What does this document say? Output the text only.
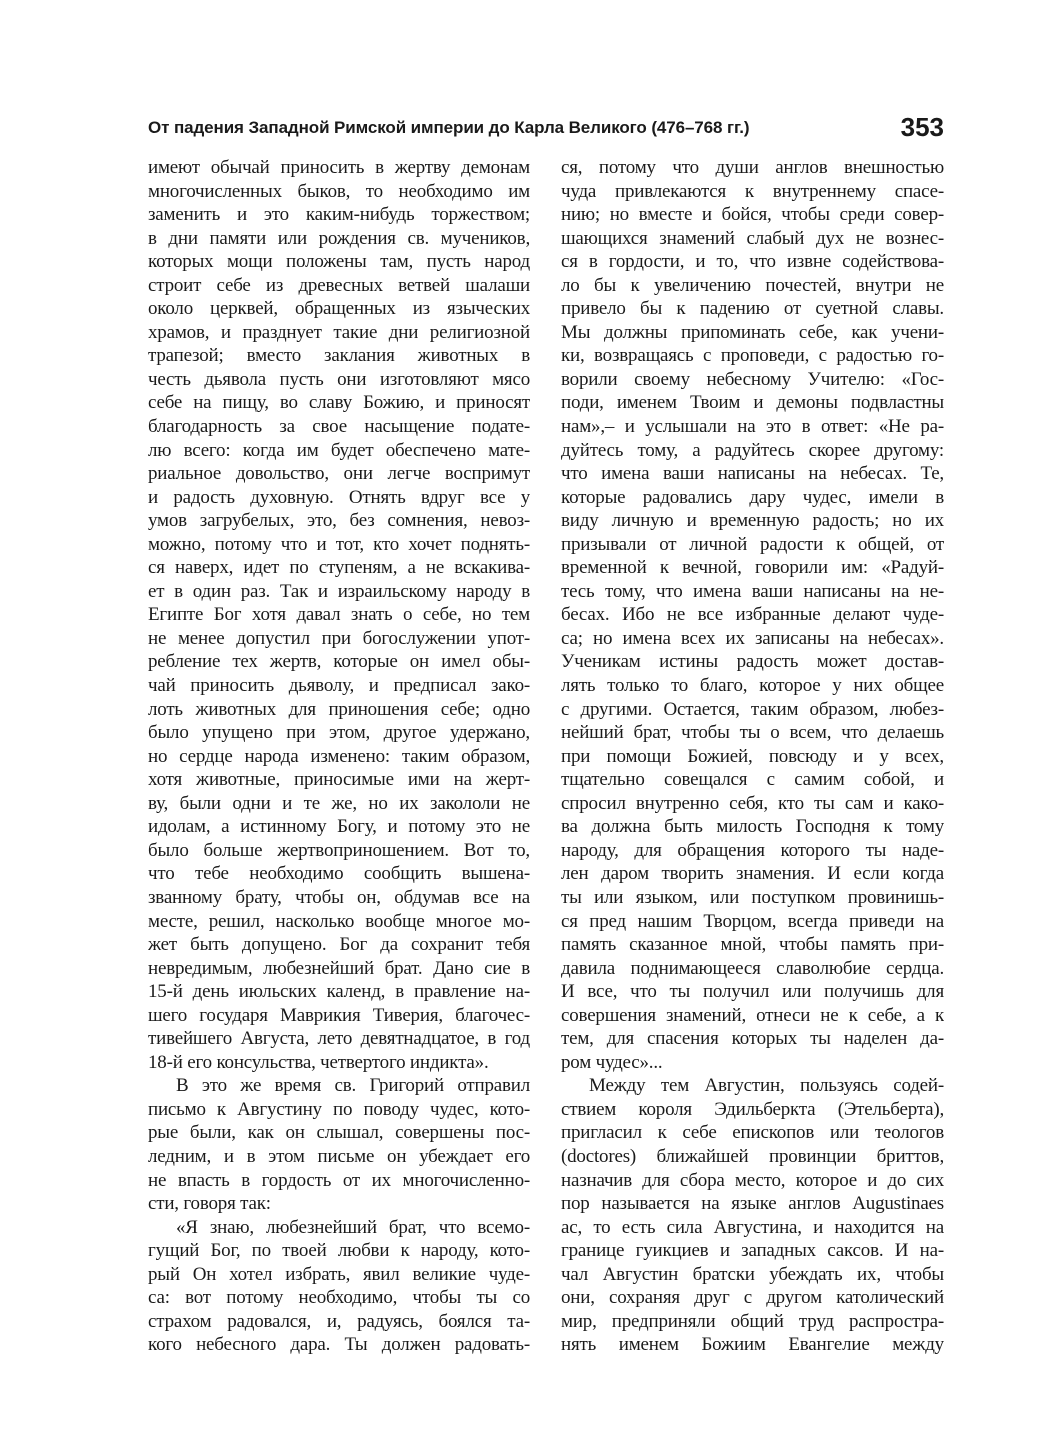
От падения Западной Римской империи до Карла Великого (476–768 гг.)	353
имеют обычай приносить в жертву демонам
многочисленных быков, то необходимо им
заменить и это каким-нибудь торжеством;
в дни памяти или рождения св. мучеников,
которых мощи положены там, пусть народ
строит себе из древесных ветвей шалаши
около церквей, обращенных из языческих
храмов, и празднует такие дни религиозной
трапезой; вместо заклания животных в
честь дьявола пусть они изготовляют мясо
себе на пищу, во славу Божию, и приносят
благодарность за свое насыщение подате-
лю всего: когда им будет обеспечено мате-
риальное довольство, они легче воспримут
и радость духовную. Отнять вдруг все у
умов загрубелых, это, без сомнения, невоз-
можно, потому что и тот, кто хочет поднять-
ся наверх, идет по ступеням, а не вскакива-
ет в один раз. Так и израильскому народу в
Египте Бог хотя давал знать о себе, но тем
не менее допустил при богослужении упот-
ребление тех жертв, которые он имел обы-
чай приносить дьяволу, и предписал зако-
лоть животных для приношения себе; одно
было упущено при этом, другое удержано,
но сердце народа изменено: таким образом,
хотя животные, приносимые ими на жерт-
ву, были одни и те же, но их закололи не
идолам, а истинному Богу, и потому это не
было больше жертвоприношением. Вот то,
что тебе необходимо сообщить вышена-
званному брату, чтобы он, обдумав все на
месте, решил, насколько вообще многое мо-
жет быть допущено. Бог да сохранит тебя
невредимым, любезнейший брат. Дано сие в
15-й день июльских календ, в правление на-
шего государя Маврикия Тиверия, благочес-
тивейшего Августа, лето девятнадцатое, в год
18-й его консульства, четвертого индикта».
В это же время св. Григорий отправил
письмо к Августину по поводу чудес, кото-
рые были, как он слышал, совершены пос-
ледним, и в этом письме он убеждает его
не впасть в гордость от их многочисленно-
сти, говоря так:
«Я знаю, любезнейший брат, что всемо-
гущий Бог, по твоей любви к народу, кото-
рый Он хотел избрать, явил великие чуде-
са: вот потому необходимо, чтобы ты со
страхом радовался, и, радуясь, боялся та-
кого небесного дара. Ты должен радовать-
ся, потому что души англов внешностью
чуда привлекаются к внутреннему спасе-
нию; но вместе и бойся, чтобы среди совер-
шающихся знамений слабый дух не вознес-
ся в гордости, и то, что извне содействова-
ло бы к увеличению почестей, внутри не
привело бы к падению от суетной славы.
Мы должны припоминать себе, как учени-
ки, возвращаясь с проповеди, с радостью го-
ворили своему небесному Учителю: «Гос-
поди, именем Твоим и демоны подвластны
нам»,– и услышали на это в ответ: «Не ра-
дуйтесь тому, а радуйтесь скорее другому:
что имена ваши написаны на небесах. Те,
которые радовались дару чудес, имели в
виду личную и временную радость; но их
призывали от личной радости к общей, от
временной к вечной, говорили им: «Радуй-
тесь тому, что имена ваши написаны на не-
бесах. Ибо не все избранные делают чуде-
са; но имена всех их записаны на небесах».
Ученикам истины радость может достав-
лять только то благо, которое у них общее
с другими. Остается, таким образом, любез-
нейший брат, чтобы ты о всем, что делаешь
при помощи Божией, повсюду и у всех,
тщательно совещался с самим собой, и
спросил внутренно себя, кто ты сам и како-
ва должна быть милость Господня к тому
народу, для обращения которого ты наде-
лен даром творить знамения. И если когда
ты или языком, или поступком провинишь-
ся пред нашим Творцом, всегда приведи на
память сказанное мной, чтобы память при-
давила поднимающееся славолюбие сердца.
И все, что ты получил или получишь для
совершения знамений, отнеси не к себе, а к
тем, для спасения которых ты наделен да-
ром чудес»...
Между тем Августин, пользуясь содей-
ствием короля Эдильберкта (Этельберта),
пригласил к себе епископов или теологов
(doctores) ближайшей провинции бриттов,
назначив для сбора место, которое и до сих
пор называется на языке англов Augustinaes
ac, то есть сила Августина, и находится на
границе гуикциев и западных саксов. И на-
чал Августин братски убеждать их, чтобы
они, сохраняя друг с другом католический
мир, предприняли общий труд распростра-
нять именем Божиим Евангелие между
